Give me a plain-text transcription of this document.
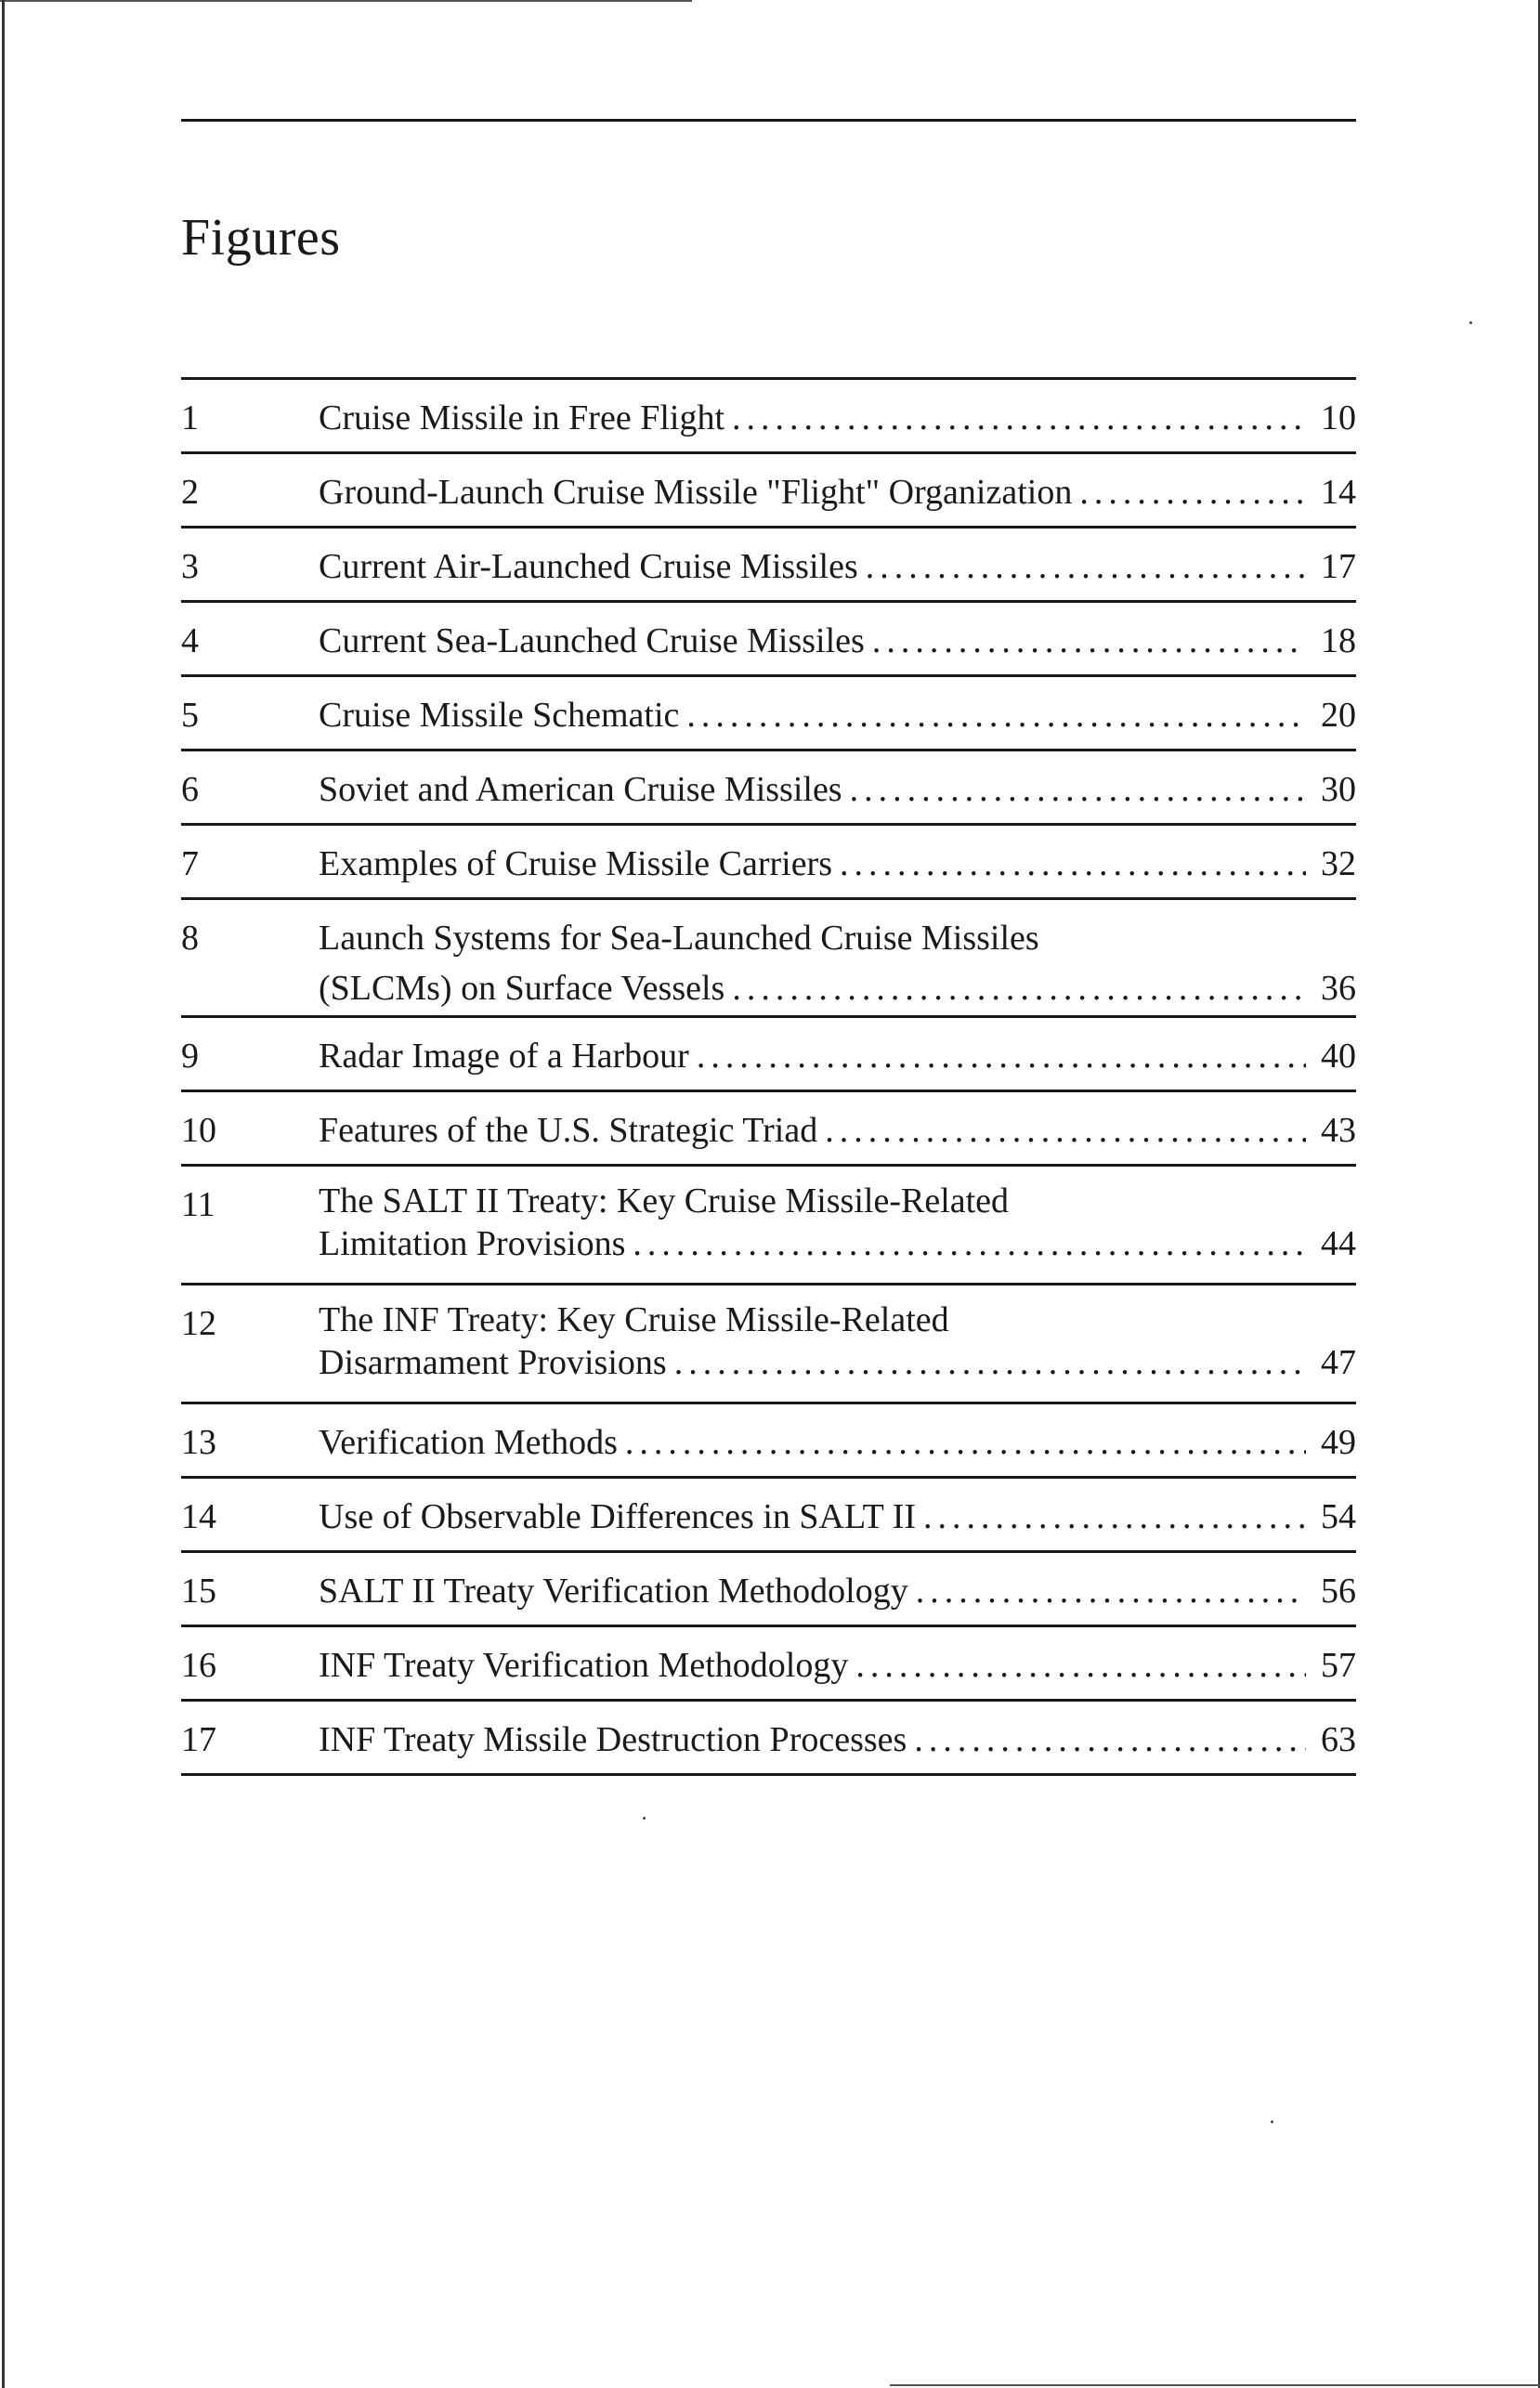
Figures
1	Cruise Missile in Free Flight .....	10
2	Ground-Launch Cruise Missile "Flight" Organization .....	14
3	Current Air-Launched Cruise Missiles .....	17
4	Current Sea-Launched Cruise Missiles .....	18
5	Cruise Missile Schematic .....	20
6	Soviet and American Cruise Missiles .....	30
7	Examples of Cruise Missile Carriers .....	32
8	Launch Systems for Sea-Launched Cruise Missiles
(SLCMs) on Surface Vessels .....	36
9	Radar Image of a Harbour .....	40
10	Features of the U.S. Strategic Triad .....	43
11	The SALT II Treaty: Key Cruise Missile-Related
Limitation Provisions .....	44
12	The INF Treaty: Key Cruise Missile-Related
Disarmament Provisions .....	47
13	Verification Methods .....	49
14	Use of Observable Differences in SALT II .....	54
15	SALT II Treaty Verification Methodology .....	56
16	INF Treaty Verification Methodology .....	57
17	INF Treaty Missile Destruction Processes .....	63
